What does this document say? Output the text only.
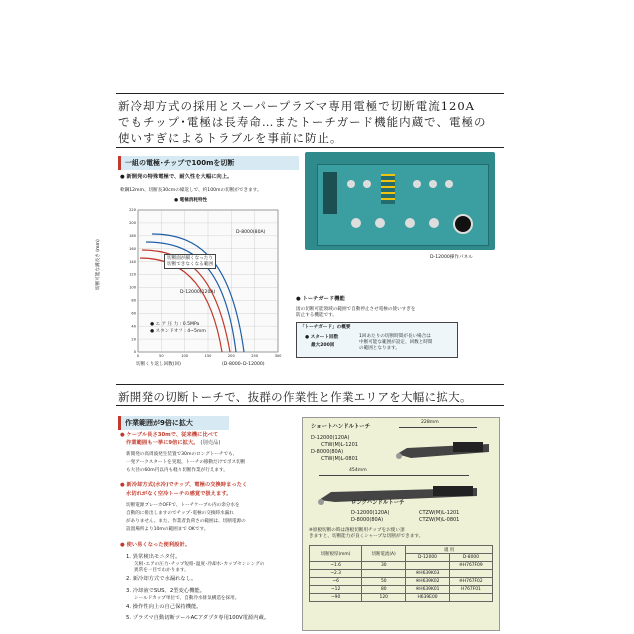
新冷却方式の採用とスーパープラズマ専用電極で切断電流120A
でもチップ･電極は長寿命…またトーチガード機能内蔵で、電極の
使いすぎによるトラブルを事前に防止。
一組の電極･チップで100mを切断
● 新開発の特殊電極で、耐久性を大幅に向上。
軟鋼12mm、切断長30cmの繰返しで、約100mの切断ができます。
● 電極消耗特性
0
20
40
60
80
100
120
140
160
180
200
220
0	50	100	150	200	250	300
切断可能な溝長さ (mm)	切断面が細くなったり
切断できなくなる範囲
D-8000(80A)
D-12000(120A)
● エ ア 圧 力 : 0.5MPa
● スタンドオフ : 4~5mm
切断くり返し回数(回)	(D-8000･D-12000)
D-12000操作パネル
● トーチガード機能
図の切断可能領域の範囲で自動停止させ電極の使いすぎを
防止する機能です。
「トーチガード」の概要
● スタート回数
最大200回
1回あたりの切断時間が長い場合は
中断可能な範囲が設定、回数と時間
の範囲となります。
新開発の切断トーチで、抜群の作業性と作業エリアを大幅に拡大。
作業範囲が9倍に拡大
● ケーブル長さ30mで、従来機に比べて
作業範囲も一挙に9倍に拡大。 (別売品)
新開発の高周波発生装置で30mのロングトーチでも、
一発アークスタートを実現。トーチの移動だけでポス切断
も大径の60m円以内も軽々切断作業が行えます。
● 新冷却方式(水冷)でチップ、電極の交換時まったく
水切れがなく空冷トーチの感覚で扱えます。
切断電源ブレーカOFFで、トーチケーブル内の余分水を
自動的に排出しますのでチップ･電極の交換時水漏れ
がありません。また、作業者負荷さの範囲は、切断電源の
設置場所より10mの範囲まで OKです。
● 使い易くなった便利設計。
1. 異常検出モニタ付。
欠相･エアの圧力･チップ短絡･温度･冷却水･カップセンシングの
異常を一目でわかります。
2. 新冷却方式で水漏れなし。
3. 冷却液でSUS、2型変心機能。
シールドカップ単位で、自動冷水排気構造を採用。
4. 操作性向上の自己保持機能。
5. プラズマ自動切断ツールACアダプタ専用100V電源内蔵。
ショートハンドルトーチ
D-12000(120A)
CTW(M)L-1201
D-8000(80A)
CTW(M)L-0801
228mm
454mm
ロングハンドルトーチ
D-12000(120A)	CTZW(M)L-1201
D-8000(80A)	CTZW(M)L-0801
※原板切断の時は溶板切断用チップをお使い頂
きますと、切断能力が良くシャープな切断ができます。
切断板厚(mm)	切断電流(A)	適 用	
		D-12000	D-8000
~1.6	30		※H767F09
~2.3		※H639K03	
~6	50	※H639K02	※H767F02
~12	80	※H639K01	H767F01
~90	120	H639E00	
